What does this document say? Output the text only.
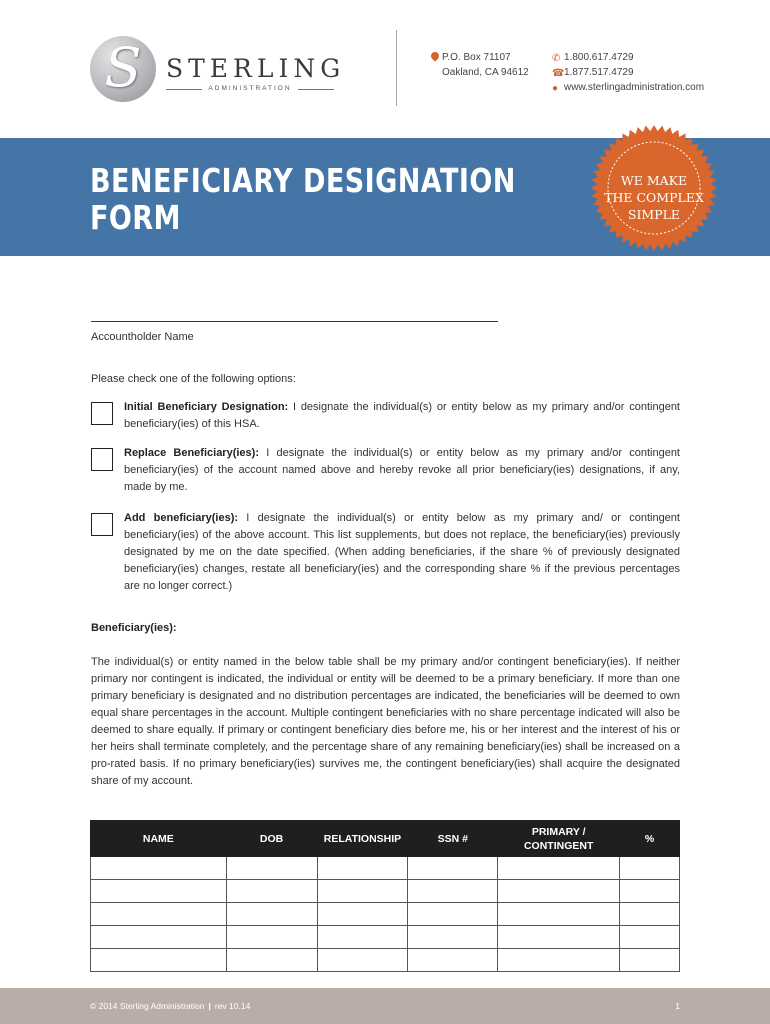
S STERLING
ADMINISTRATION
P.O. Box 71107
Oakland, CA 94612
✆ 1.800.617.4729
☎ 1.877.517.4729
● www.sterlingadministration.com
BENEFICIARY DESIGNATION
FORM
WE MAKE
THE COMPLEX
SIMPLE
Accountholder Name
Please check one of the following options:
Initial Beneficiary Designation: I designate the individual(s) or entity below as my primary and/or contingent beneficiary(ies) of this HSA.
Replace Beneficiary(ies): I designate the individual(s) or entity below as my primary and/or contingent beneficiary(ies) of the account named above and hereby revoke all prior beneficiary(ies) designations, if any, made by me.
Add beneficiary(ies): I designate the individual(s) or entity below as my primary and/ or contingent beneficiary(ies) of the above account. This list supplements, but does not replace, the beneficiary(ies) previously designated by me on the date specified. (When adding beneficiaries, if the share % of previously designated beneficiary(ies) changes, restate all beneficiary(ies) and the corresponding share % if the previous percentages are no longer correct.)
Beneficiary(ies):
The individual(s) or entity named in the below table shall be my primary and/or contingent beneficiary(ies). If neither primary nor contingent is indicated, the individual or entity will be deemed to be a primary beneficiary. If more than one primary beneficiary is designated and no distribution percentages are indicated, the beneficiaries will be deemed to own equal share percentages in the account. Multiple contingent beneficiaries with no share percentage indicated will also be deemed to share equally. If primary or contingent beneficiary dies before me, his or her interest and the interest of his or her heirs shall terminate completely, and the percentage share of any remaining beneficiary(ies) shall be increased on a pro-rated basis. If no primary beneficiary(ies) survives me, the contingent beneficiary(ies) shall acquire the designated share of my account.
NAME	DOB	RELATIONSHIP	SSN #	PRIMARY / CONTINGENT	%

© 2014 Sterling Administration | rev 10.14	1
